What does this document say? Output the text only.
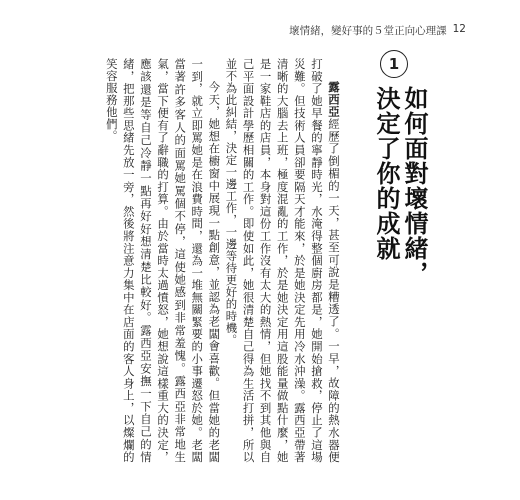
壞情緒，變好事的５堂正向心理課 12
1
如何面對壞情緒，
決定了你的成就

露西亞經歷了倒楣的一天，甚至可說是糟透了。一早，故障的熱水器便打破了她早餐的寧靜時光，水淹得整個廚房都是，她開始搶救，停止了這場災難。但技術人員卻要隔天才能來，於是她決定先用冷水沖澡。露西亞帶著清晰的大腦去上班，極度混亂的工作，於是她決定用這股能量做點什麼，她是一家鞋店的店員，本身對這份工作沒有太大的熱情，但她找不到其他與自己平面設計學歷相關的工作。即使如此，她很清楚自己得為生活打拼，所以並不為此糾結，決定一邊工作，一邊等待更好的時機。

今天，她想在櫥窗中展現一點創意，並認為老闆會喜歡。但當她的老闆一到，就立即罵她是在浪費時間，還為一堆無關緊要的小事遷怒於她。老闆當著許多客人的面罵她罵個不停，這使她感到非常羞愧。露西亞非常地生氣，當下便有了辭職的打算。由於當時太過憤怒，她想說這樣重大的決定，應該還是等自己冷靜一點再好好想清楚比較好。露西亞安撫一下自己的情緒，把那些思緒先放一旁，然後將注意力集中在店面的客人身上，以燦爛的笑容服務他們。
